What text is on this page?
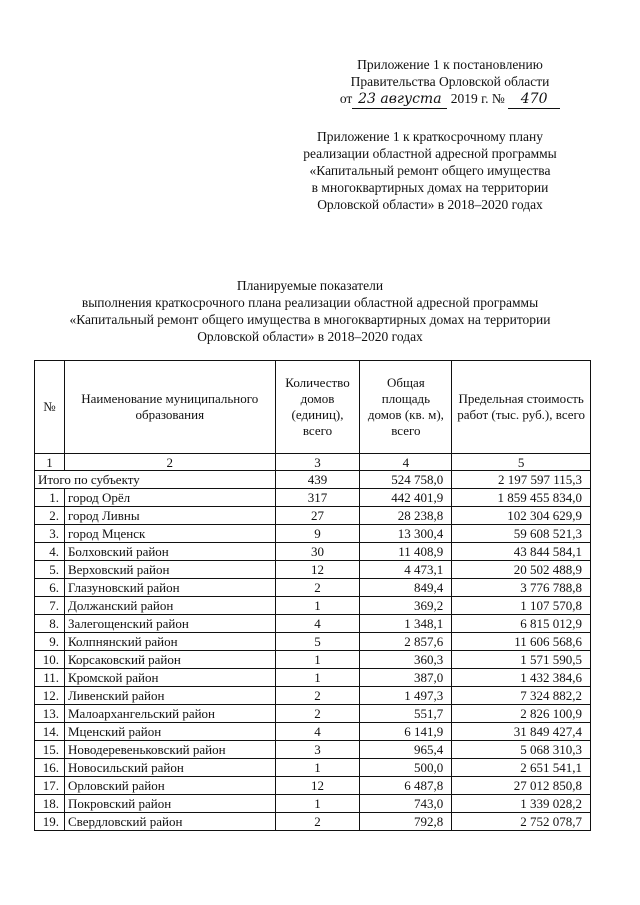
Приложение 1 к постановлению
Правительства Орловской области
от 23 августа 2019 г. № 470
Приложение 1 к краткосрочному плану
реализации областной адресной программы
«Капитальный ремонт общего имущества
в многоквартирных домах на территории
Орловской области» в 2018–2020 годах
Планируемые показатели
выполнения краткосрочного плана реализации областной адресной программы
«Капитальный ремонт общего имущества в многоквартирных домах на территории
Орловской области» в 2018–2020 годах
№	Наименование муниципального образования	Количество домов (единиц), всего	Общая площадь домов (кв. м), всего	Предельная стоимость работ (тыс. руб.), всего
1	2	3	4	5
Итого по субъекту		439	524 758,0	2 197 597 115,3
1.	город Орёл	317	442 401,9	1 859 455 834,0
2.	город Ливны	27	28 238,8	102 304 629,9
3.	город Мценск	9	13 300,4	59 608 521,3
4.	Болховский район	30	11 408,9	43 844 584,1
5.	Верховский район	12	4 473,1	20 502 488,9
6.	Глазуновский район	2	849,4	3 776 788,8
7.	Должанский район	1	369,2	1 107 570,8
8.	Залегощенский район	4	1 348,1	6 815 012,9
9.	Колпнянский район	5	2 857,6	11 606 568,6
10.	Корсаковский район	1	360,3	1 571 590,5
11.	Кромской район	1	387,0	1 432 384,6
12.	Ливенский район	2	1 497,3	7 324 882,2
13.	Малоархангельский район	2	551,7	2 826 100,9
14.	Мценский район	4	6 141,9	31 849 427,4
15.	Новодеревеньковский район	3	965,4	5 068 310,3
16.	Новосильский район	1	500,0	2 651 541,1
17.	Орловский район	12	6 487,8	27 012 850,8
18.	Покровский район	1	743,0	1 339 028,2
19.	Свердловский район	2	792,8	2 752 078,7
